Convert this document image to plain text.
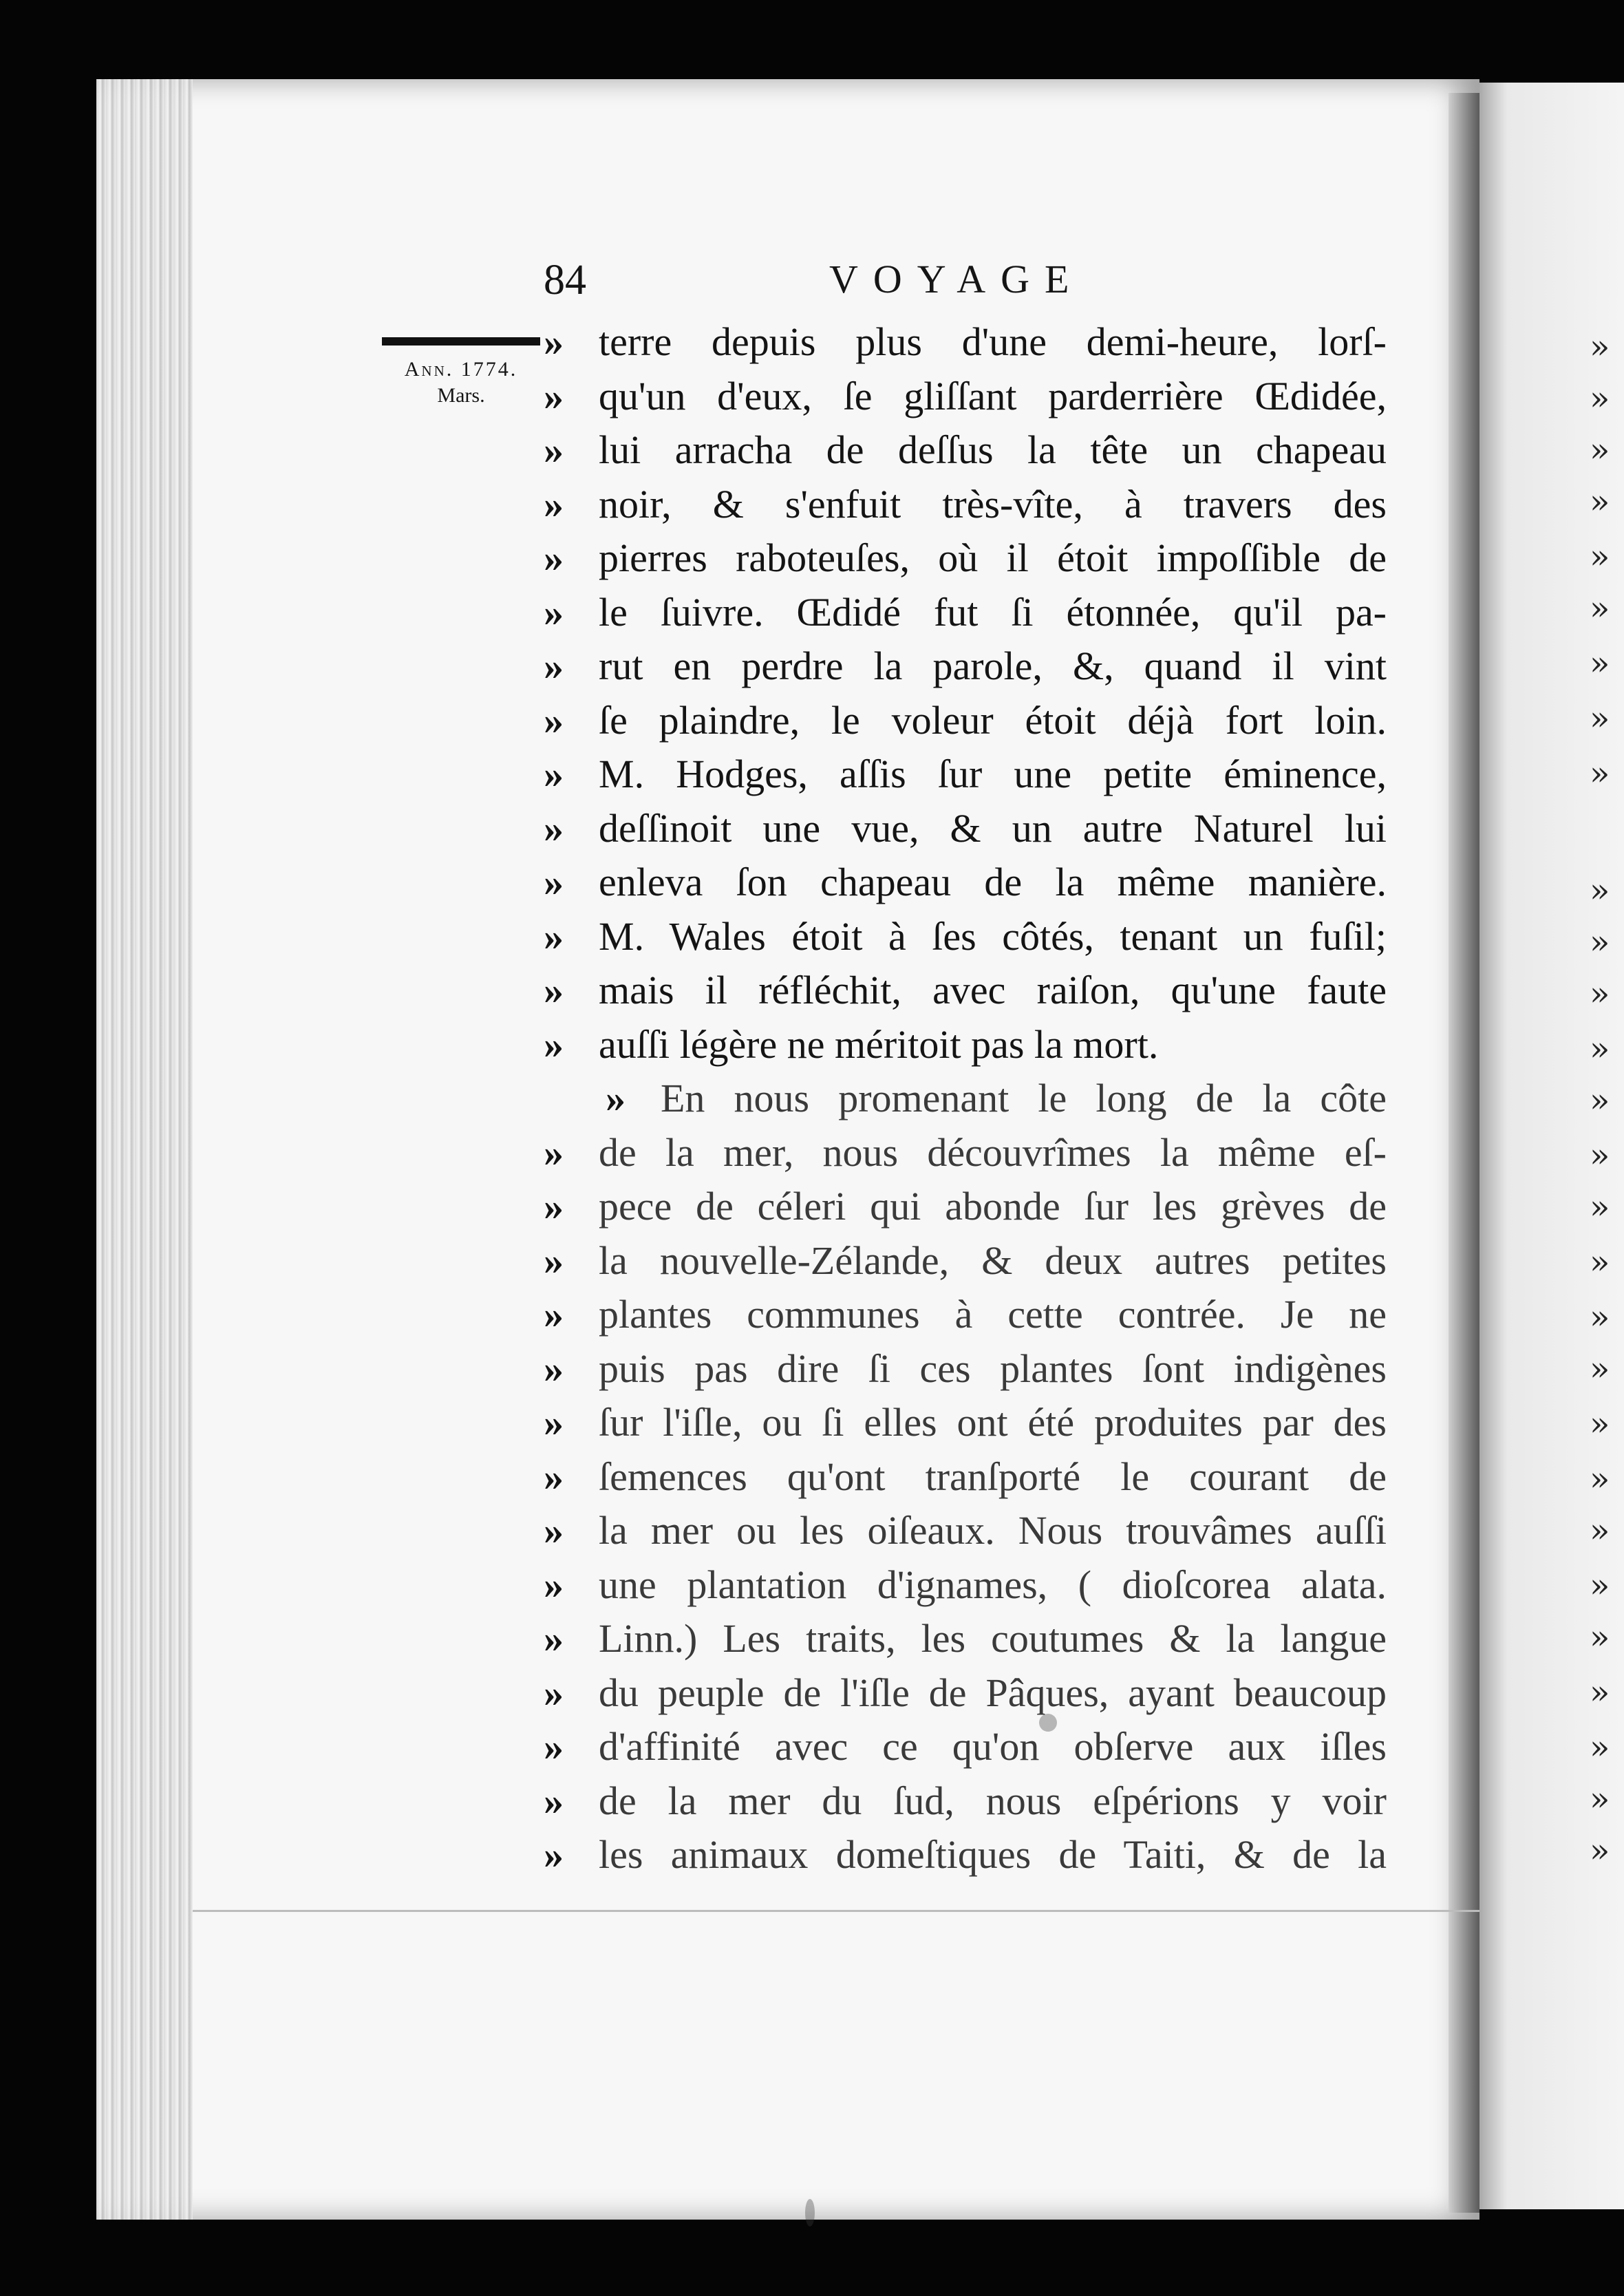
»
»
»
»
»
»
»
»
»
»
»
»
»
»
»
»
»
»
»
»
»
»
»
»
»
»
»
»
84	VOYAGE
Ann. 1774.
Mars.
» terre depuis plus d'une demi-heure, lorſ-
» qu'un d'eux, ſe gliſſant parderrière Œdidée,
» lui arracha de deſſus la tête un chapeau
» noir, & s'enfuit très-vîte, à travers des
» pierres raboteuſes, où il étoit impoſſible de
» le ſuivre. Œdidé fut ſi étonnée, qu'il pa-
» rut en perdre la parole, &, quand il vint
» ſe plaindre, le voleur étoit déjà fort loin.
» M. Hodges, aſſis ſur une petite éminence,
» deſſinoit une vue, & un autre Naturel lui
» enleva ſon chapeau de la même manière.
» M. Wales étoit à ſes côtés, tenant un fuſil;
» mais il réfléchit, avec raiſon, qu'une faute
» auſſi légère ne méritoit pas la mort.
» En nous promenant le long de la côte
» de la mer, nous découvrîmes la même eſ-
» pece de céleri qui abonde ſur les grèves de
» la nouvelle-Zélande, & deux autres petites
» plantes communes à cette contrée. Je ne
» puis pas dire ſi ces plantes ſont indigènes
» ſur l'iſle, ou ſi elles ont été produites par des
» ſemences qu'ont tranſporté le courant de
» la mer ou les oiſeaux. Nous trouvâmes auſſi
» une plantation d'ignames, ( dioſcorea alata.
» Linn.) Les traits, les coutumes & la langue
» du peuple de l'iſle de Pâques, ayant beaucoup
» d'affinité avec ce qu'on obſerve aux iſles
» de la mer du ſud, nous eſpérions y voir
» les animaux domeſtiques de Taiti, & de la
